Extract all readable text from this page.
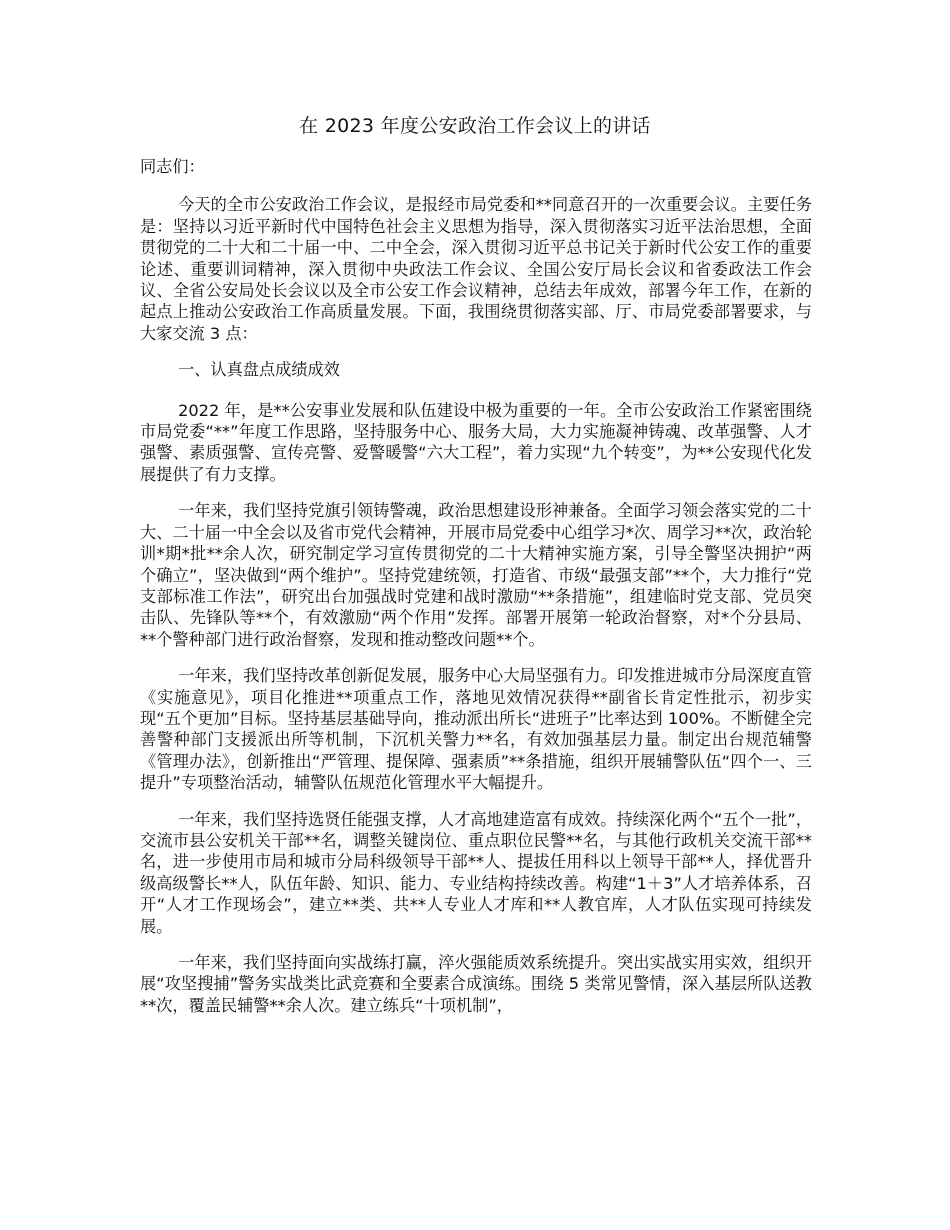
在 2023 年度公安政治工作会议上的讲话

同志们：

今天的全市公安政治工作会议，是报经市局党委和**同意召开的一次重要会议。主要任务是：坚持以习近平新时代中国特色社会主义思想为指导，深入贯彻落实习近平法治思想，全面贯彻党的二十大和二十届一中、二中全会，深入贯彻习近平总书记关于新时代公安工作的重要论述、重要训词精神，深入贯彻中央政法工作会议、全国公安厅局长会议和省委政法工作会议、全省公安局处长会议以及全市公安工作会议精神，总结去年成效，部署今年工作，在新的起点上推动公安政治工作高质量发展。下面，我围绕贯彻落实部、厅、市局党委部署要求，与大家交流 3 点：

一、认真盘点成绩成效

2022 年，是**公安事业发展和队伍建设中极为重要的一年。全市公安政治工作紧密围绕市局党委“**”年度工作思路，坚持服务中心、服务大局，大力实施凝神铸魂、改革强警、人才强警、素质强警、宣传亮警、爱警暖警“六大工程”，着力实现“九个转变”，为**公安现代化发展提供了有力支撑。

一年来，我们坚持党旗引领铸警魂，政治思想建设形神兼备。全面学习领会落实党的二十大、二十届一中全会以及省市党代会精神，开展市局党委中心组学习*次、周学习**次，政治轮训*期*批**余人次，研究制定学习宣传贯彻党的二十大精神实施方案，引导全警坚决拥护“两个确立”，坚决做到“两个维护”。坚持党建统领，打造省、市级“最强支部”**个，大力推行“党支部标准工作法”，研究出台加强战时党建和战时激励“**条措施”，组建临时党支部、党员突击队、先锋队等**个，有效激励“两个作用”发挥。部署开展第一轮政治督察，对*个分县局、**个警种部门进行政治督察，发现和推动整改问题**个。

一年来，我们坚持改革创新促发展，服务中心大局坚强有力。印发推进城市分局深度直管《实施意见》，项目化推进**项重点工作，落地见效情况获得**副省长肯定性批示，初步实现“五个更加”目标。坚持基层基础导向，推动派出所长“进班子”比率达到 100%。不断健全完善警种部门支援派出所等机制，下沉机关警力**名，有效加强基层力量。制定出台规范辅警《管理办法》，创新推出“严管理、提保障、强素质”**条措施，组织开展辅警队伍“四个一、三提升”专项整治活动，辅警队伍规范化管理水平大幅提升。

一年来，我们坚持选贤任能强支撑，人才高地建造富有成效。持续深化两个“五个一批”，交流市县公安机关干部**名，调整关键岗位、重点职位民警**名，与其他行政机关交流干部**名，进一步使用市局和城市分局科级领导干部**人、提拔任用科以上领导干部**人，择优晋升级高级警长**人，队伍年龄、知识、能力、专业结构持续改善。构建“1＋3”人才培养体系，召开“人才工作现场会”，建立**类、共**人专业人才库和**人教官库，人才队伍实现可持续发展。

一年来，我们坚持面向实战练打赢，淬火强能质效系统提升。突出实战实用实效，组织开展“攻坚搜捕”警务实战类比武竞赛和全要素合成演练。围绕 5 类常见警情，深入基层所队送教**次，覆盖民辅警**余人次。建立练兵“十项机制”，
